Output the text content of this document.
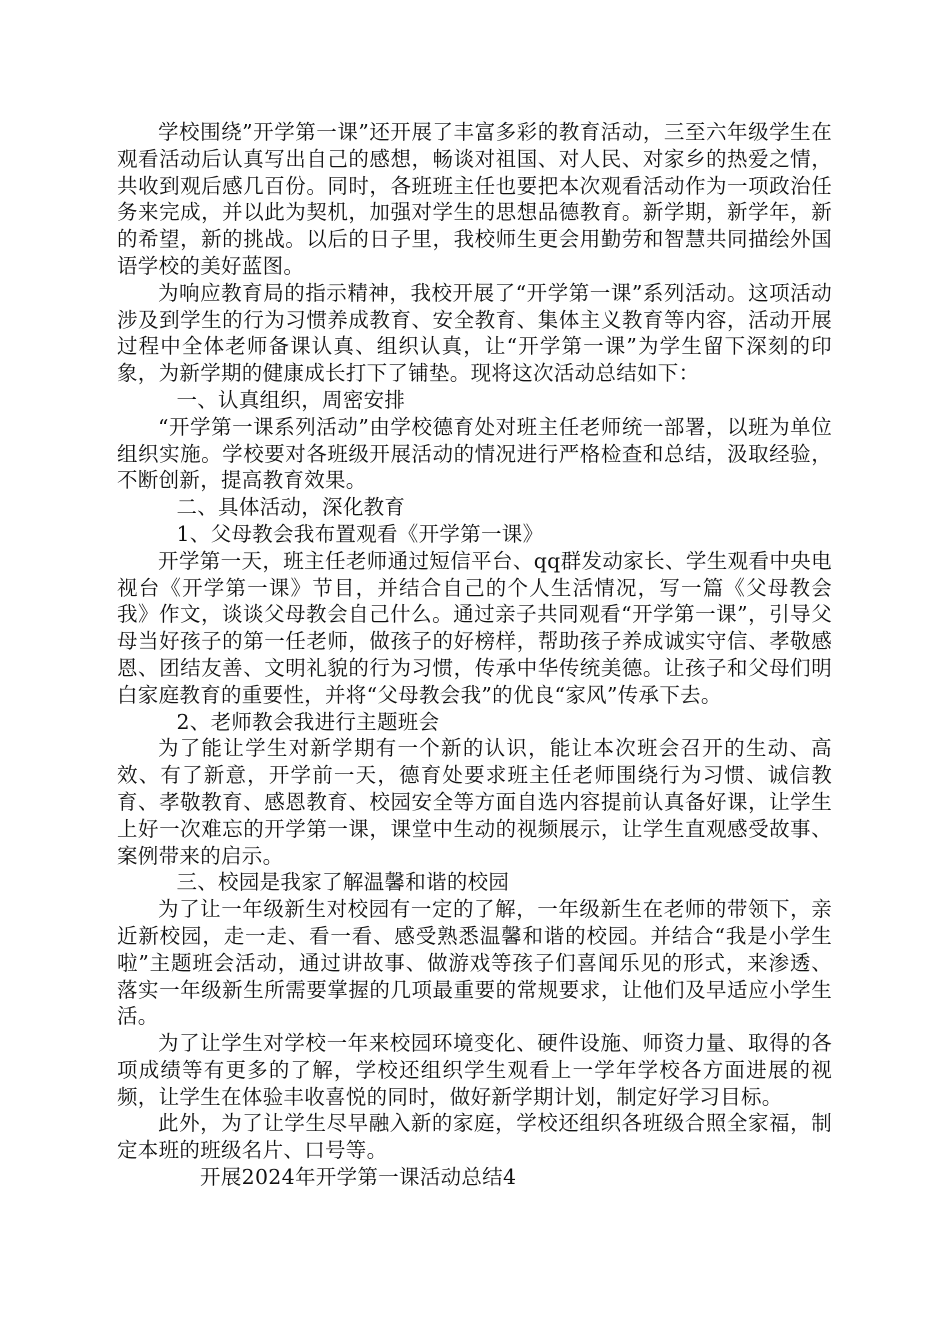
学校围绕”开学第一课”还开展了丰富多彩的教育活动，三至六年级学生在观看活动后认真写出自己的感想，畅谈对祖国、对人民、对家乡的热爱之情，共收到观后感几百份。同时，各班班主任也要把本次观看活动作为一项政治任务来完成，并以此为契机，加强对学生的思想品德教育。新学期，新学年，新的希望，新的挑战。以后的日子里，我校师生更会用勤劳和智慧共同描绘外国语学校的美好蓝图。

为响应教育局的指示精神，我校开展了“开学第一课”系列活动。这项活动涉及到学生的行为习惯养成教育、安全教育、集体主义教育等内容，活动开展过程中全体老师备课认真、组织认真，让“开学第一课”为学生留下深刻的印象，为新学期的健康成长打下了铺垫。现将这次活动总结如下：

一、认真组织，周密安排

“开学第一课系列活动”由学校德育处对班主任老师统一部署，以班为单位组织实施。学校要对各班级开展活动的情况进行严格检查和总结，汲取经验，不断创新，提高教育效果。

二、具体活动，深化教育

1、父母教会我布置观看《开学第一课》

开学第一天，班主任老师通过短信平台、qq群发动家长、学生观看中央电视台《开学第一课》节目，并结合自己的个人生活情况，写一篇《父母教会我》作文，谈谈父母教会自己什么。通过亲子共同观看“开学第一课”，引导父母当好孩子的第一任老师，做孩子的好榜样，帮助孩子养成诚实守信、孝敬感恩、团结友善、文明礼貌的行为习惯，传承中华传统美德。让孩子和父母们明白家庭教育的重要性，并将“父母教会我”的优良“家风”传承下去。

2、老师教会我进行主题班会

为了能让学生对新学期有一个新的认识，能让本次班会召开的生动、高效、有了新意，开学前一天，德育处要求班主任老师围绕行为习惯、诚信教育、孝敬教育、感恩教育、校园安全等方面自选内容提前认真备好课，让学生上好一次难忘的开学第一课，课堂中生动的视频展示，让学生直观感受故事、案例带来的启示。

三、校园是我家了解温馨和谐的校园

为了让一年级新生对校园有一定的了解，一年级新生在老师的带领下，亲近新校园，走一走、看一看、感受熟悉温馨和谐的校园。并结合“我是小学生啦”主题班会活动，通过讲故事、做游戏等孩子们喜闻乐见的形式，来渗透、落实一年级新生所需要掌握的几项最重要的常规要求，让他们及早适应小学生活。

为了让学生对学校一年来校园环境变化、硬件设施、师资力量、取得的各项成绩等有更多的了解，学校还组织学生观看上一学年学校各方面进展的视频，让学生在体验丰收喜悦的同时，做好新学期计划，制定好学习目标。

此外，为了让学生尽早融入新的家庭，学校还组织各班级合照全家福，制定本班的班级名片、口号等。

开展2024年开学第一课活动总结4
